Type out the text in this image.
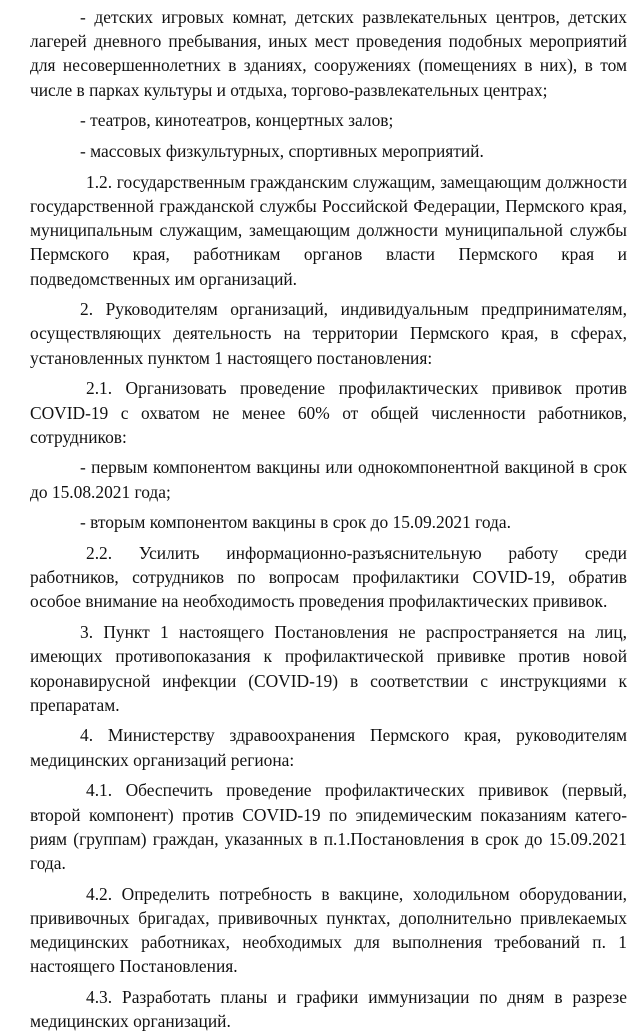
- детских игровых комнат, детских развлекательных центров, детских лагерей дневного пребывания, иных мест проведения подобных мероприятий для несовершеннолетних в зданиях, сооружениях (помещениях в них), в том числе в парках культуры и отдыха, торгово-развлекательных центрах;

- театров, кинотеатров, концертных залов;

- массовых физкультурных, спортивных мероприятий.

1.2. государственным гражданским служащим, замещающим должности государственной гражданской службы Российской Федерации, Пермского края, муниципальным служащим, замещающим должности муниципальной службы Пермского края, работникам органов власти Пермского края и подведомственных им организаций.

2. Руководителям организаций, индивидуальным предпринимателям, осуществляющих деятельность на территории Пермского края, в сферах, установленных пунктом 1 настоящего постановления:

2.1. Организовать проведение профилактических прививок против COVID-19 с охватом не менее 60% от общей численности работников, сотрудников:

- первым компонентом вакцины или однокомпонентной вакциной в срок до 15.08.2021 года;

- вторым компонентом вакцины в срок до 15.09.2021 года.

2.2. Усилить информационно-разъяснительную работу среди работников, сотрудников по вопросам профилактики COVID-19, обратив особое внимание на необходимость проведения профилактических прививок.

3. Пункт 1 настоящего Постановления не распространяется на лиц, имеющих противопоказания к профилактической прививке против новой коронавирусной инфекции (COVID-19) в соответствии с инструкциями к препаратам.

4. Министерству здравоохранения Пермского края, руководителям медицинских организаций региона:

4.1. Обеспечить проведение профилактических прививок (первый, второй компонент) против COVID-19 по эпидемическим показаниям категориям (группам) граждан, указанных в п.1.Постановления в срок до 15.09.2021 года.

4.2. Определить потребность в вакцине, холодильном оборудовании, прививочных бригадах, прививочных пунктах, дополнительно привлекаемых медицинских работниках, необходимых для выполнения требований п. 1 настоящего Постановления.

4.3. Разработать планы и графики иммунизации по дням в разрезе медицинских организаций.
